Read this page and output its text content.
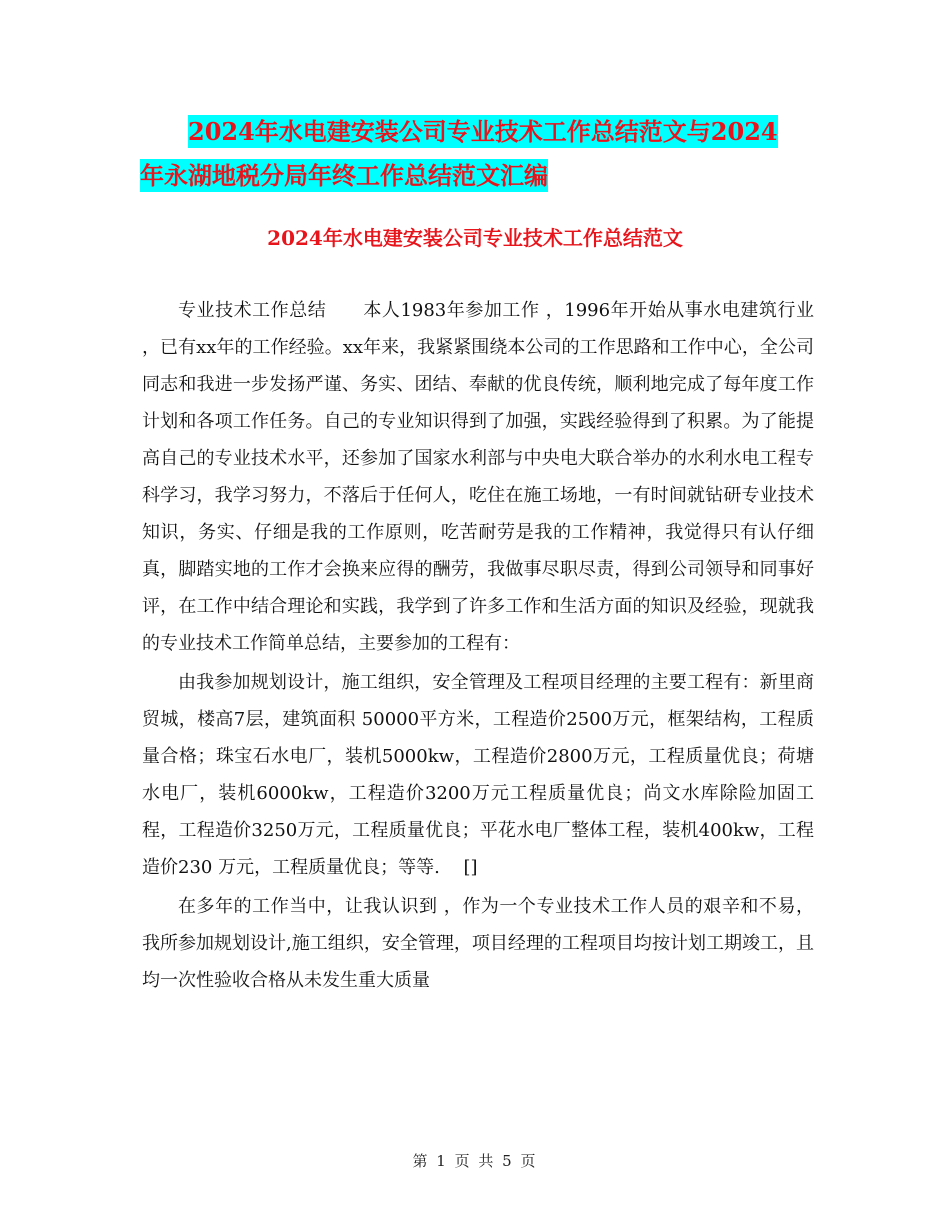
2024年水电建安装公司专业技术工作总结范文与2024
年永湖地税分局年终工作总结范文汇编
2024年水电建安装公司专业技术工作总结范文

专业技术工作总结　　本人1983年参加工作 ，1996年开始从事水电建筑行业 ，已有xx年的工作经验。xx年来，我紧紧围绕本公司的工作思路和工作中心，全公司同志和我进一步发扬严谨、务实、团结、奉献的优良传统，顺利地完成了每年度工作计划和各项工作任务。自己的专业知识得到了加强，实践经验得到了积累。为了能提高自己的专业技术水平，还参加了国家水利部与中央电大联合举办的水利水电工程专科学习，我学习努力，不落后于任何人，吃住在施工场地，一有时间就钻研专业技术知识，务实、仔细是我的工作原则，吃苦耐劳是我的工作精神，我觉得只有认仔细真，脚踏实地的工作才会换来应得的酬劳，我做事尽职尽责，得到公司领导和同事好评，在工作中结合理论和实践，我学到了许多工作和生活方面的知识及经验，现就我的专业技术工作简单总结，主要参加的工程有：

由我参加规划设计，施工组织，安全管理及工程项目经理的主要工程有：新里商贸城，楼高7层，建筑面积 50000平方米，工程造价2500万元，框架结构，工程质量合格；珠宝石水电厂，装机5000kw，工程造价2800万元，工程质量优良；荷塘水电厂，装机6000kw，工程造价3200万元工程质量优良；尚文水库除险加固工程，工程造价3250万元，工程质量优良；平花水电厂整体工程，装机400kw，工程造价230 万元，工程质量优良；等等.　 []

在多年的工作当中，让我认识到 ，作为一个专业技术工作人员的艰辛和不易， 我所参加规划设计,施工组织，安全管理，项目经理的工程项目均按计划工期竣工，且均一次性验收合格从未发生重大质量

第 1 页 共 5 页
